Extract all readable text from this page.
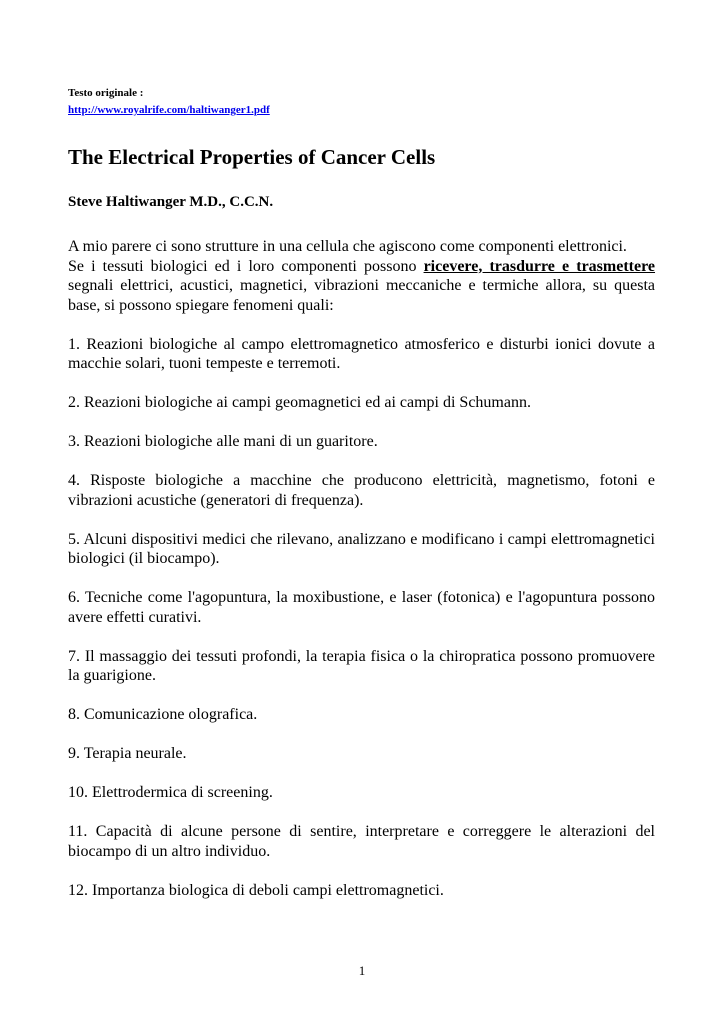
Testo originale :

http://www.royalrife.com/haltiwanger1.pdf
The Electrical Properties of Cancer Cells

Steve Haltiwanger M.D., C.C.N.

A mio parere ci sono strutture in una cellula che agiscono come componenti elettronici.

Se i tessuti biologici ed i loro componenti possono ricevere, trasdurre e trasmettere segnali elettrici, acustici, magnetici, vibrazioni meccaniche e termiche allora, su questa base, si possono spiegare fenomeni quali:

1. Reazioni biologiche al campo elettromagnetico atmosferico e disturbi ionici dovute a macchie solari, tuoni tempeste e terremoti.
2. Reazioni biologiche ai campi geomagnetici ed ai campi di Schumann.
3. Reazioni biologiche alle mani di un guaritore.
4. Risposte biologiche a macchine che producono elettricità, magnetismo, fotoni e vibrazioni acustiche (generatori di frequenza).
5. Alcuni dispositivi medici che rilevano, analizzano e modificano i campi elettromagnetici biologici (il biocampo).
6. Tecniche come l'agopuntura, la moxibustione, e laser (fotonica) e l'agopuntura possono avere effetti curativi.
7. Il massaggio dei tessuti profondi, la terapia fisica o la chiropratica possono promuovere la guarigione.
8. Comunicazione olografica.
9. Terapia neurale.
10. Elettrodermica di screening.
11. Capacità di alcune persone di sentire, interpretare e correggere le alterazioni del biocampo di un altro individuo.
12. Importanza biologica di deboli campi elettromagnetici.
1
